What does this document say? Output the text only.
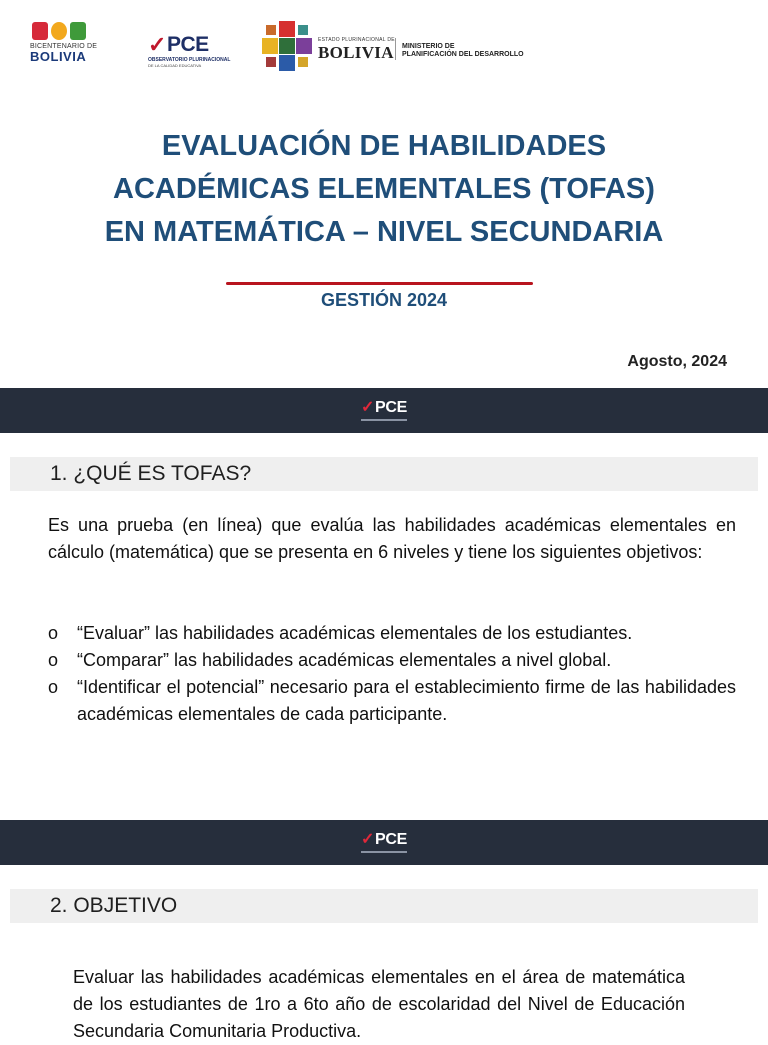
BICENTENARIO DE
BOLIVIA	✓ PCE
OBSERVATORIO PLURINACIONAL
DE LA CALIDAD EDUCATIVA
ESTADO PLURINACIONAL DE
BOLIVIA MINISTERIO DE
PLANIFICACIÓN DEL DESARROLLO
EVALUACIÓN DE HABILIDADES
ACADÉMICAS ELEMENTALES (TOFAS)
EN MATEMÁTICA – NIVEL SECUNDARIA
GESTIÓN 2024
Agosto, 2024
✓ PCE
1. ¿QUÉ ES TOFAS?

Es una prueba (en línea) que evalúa las habilidades académicas elementales en cálculo (matemática) que se presenta en 6 niveles y tiene los siguientes objetivos:

o “Evaluar” las habilidades académicas elementales de los estudiantes.
o “Comparar” las habilidades académicas elementales a nivel global.
o “Identificar el potencial” necesario para el establecimiento firme de las habilidades académicas elementales de cada participante.
✓ PCE
2. OBJETIVO

Evaluar las habilidades académicas elementales en el área de matemática de los estudiantes de 1ro a 6to año de escolaridad del Nivel de Educación Secundaria Comunitaria Productiva.
